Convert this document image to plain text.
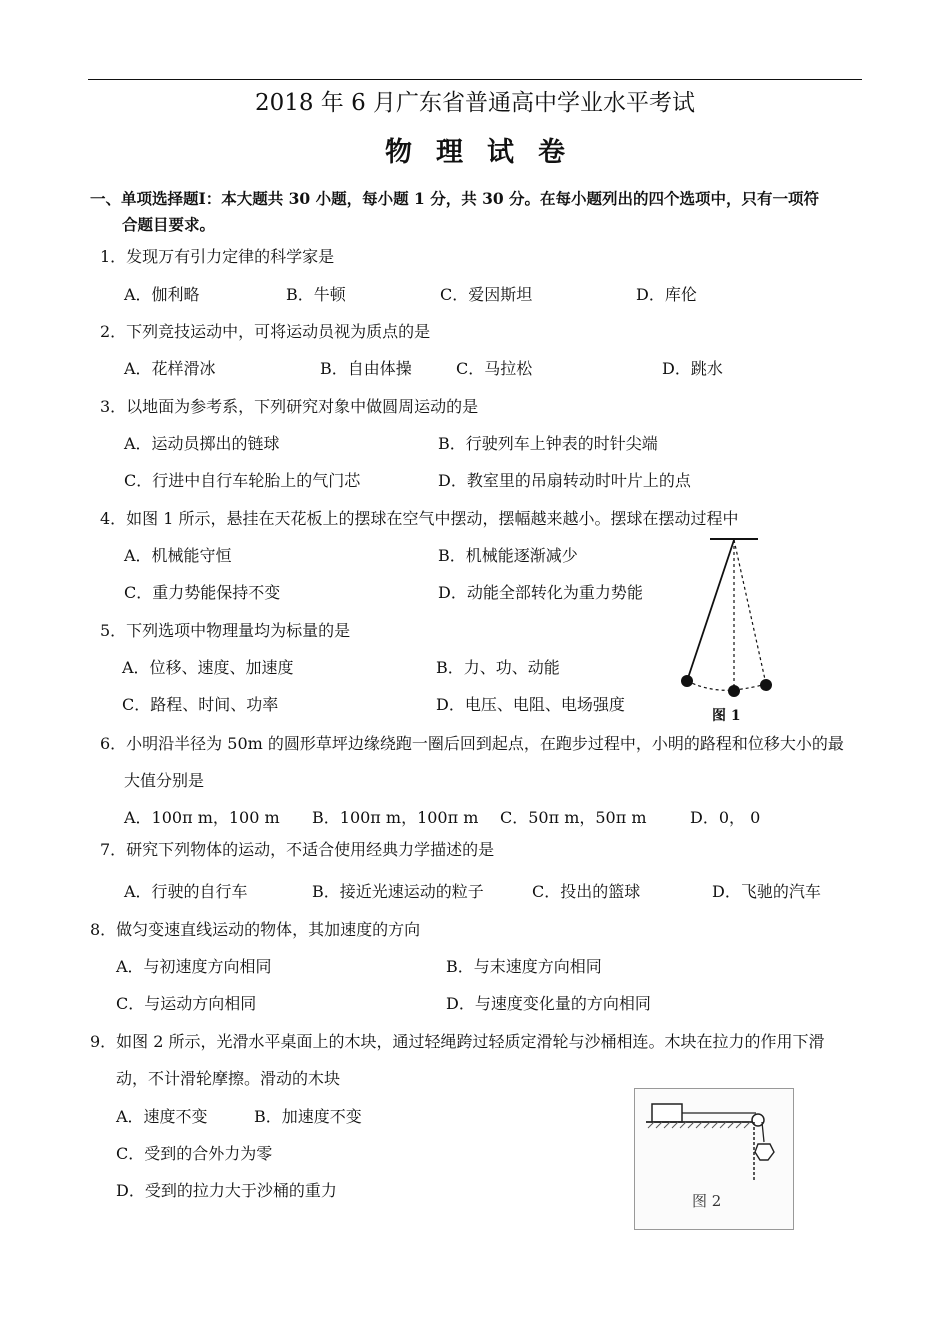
2018 年 6 月广东省普通高中学业水平考试
物理试卷
一、单项选择题Ⅰ：本大题共 30 小题，每小题 1 分，共 30 分。在每小题列出的四个选项中，只有一项符
合题目要求。
1．发现万有引力定律的科学家是
A．伽利略	B．牛顿	C．爱因斯坦	D．库伦
2．下列竞技运动中，可将运动员视为质点的是
A．花样滑冰	B．自由体操	C．马拉松	D．跳水
3．以地面为参考系，下列研究对象中做圆周运动的是
A．运动员掷出的链球	B．行驶列车上钟表的时针尖端
C．行进中自行车轮胎上的气门芯	D．教室里的吊扇转动时叶片上的点
4．如图 1 所示，悬挂在天花板上的摆球在空气中摆动，摆幅越来越小。摆球在摆动过程中
A．机械能守恒	B．机械能逐渐减少
C．重力势能保持不变	D．动能全部转化为重力势能
5．下列选项中物理量均为标量的是
A．位移、速度、加速度	B．力、功、动能
C．路程、时间、功率	D．电压、电阻、电场强度
图 1
6．小明沿半径为 50m 的圆形草坪边缘绕跑一圈后回到起点，在跑步过程中，小明的路程和位移大小的最
大值分别是
A．100π m，100 m B．100π m，100π m C．50π m，50π m	D．0， 0
7．研究下列物体的运动，不适合使用经典力学描述的是
A．行驶的自行车	B．接近光速运动的粒子	C．投出的篮球	D．飞驰的汽车
8．做匀变速直线运动的物体，其加速度的方向
A．与初速度方向相同	B．与末速度方向相同
C．与运动方向相同	D．与速度变化量的方向相同
9．如图 2 所示，光滑水平桌面上的木块，通过轻绳跨过轻质定滑轮与沙桶相连。木块在拉力的作用下滑
动，不计滑轮摩擦。滑动的木块
A．速度不变	B．加速度不变
C．受到的合外力为零
D．受到的拉力大于沙桶的重力
图 2
